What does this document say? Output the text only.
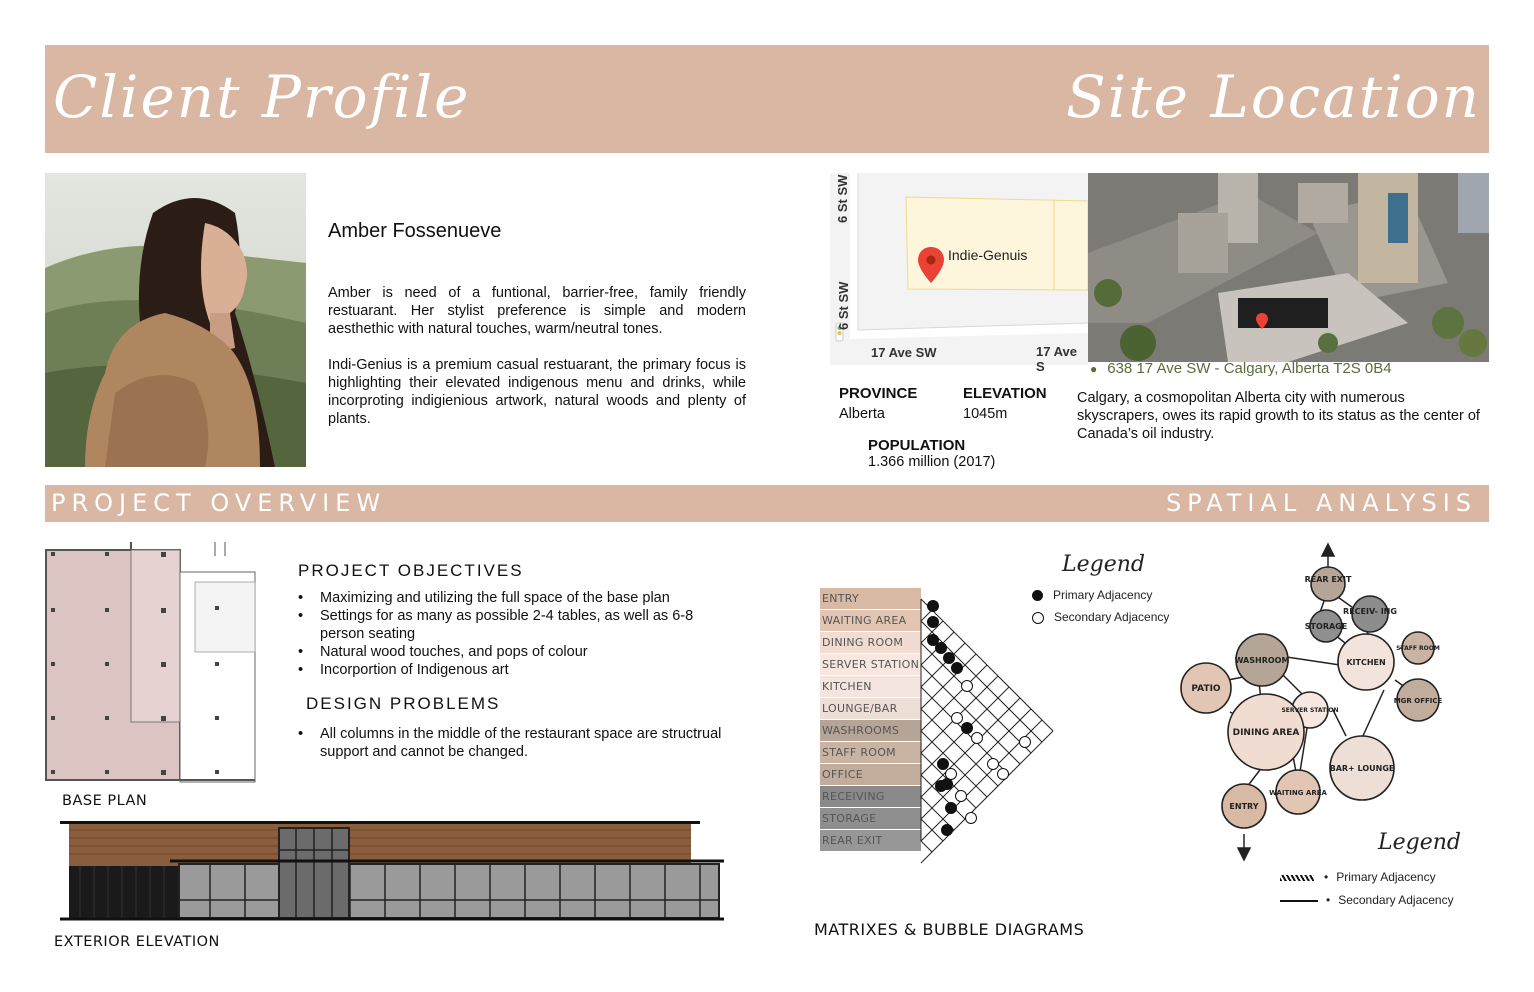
Client Profile	Site Location
Amber Fossenueve
Amber is need of a funtional, barrier-free, family friendly restuarant. Her stylist preference is simple and modern aesthethic with natural touches, warm/neutral tones.
Indi-Genius is a premium casual restuarant, the primary focus is highlighting their elevated indigenous menu and drinks, while incorproting indigienious artwork, natural woods and plenty of plants.
6 St SW
6 St SW
17 Ave SW	17 Ave S
Indie-Genuis
● 638 17 Ave SW - Calgary, Alberta T2S 0B4
PROVINCE
Alberta
ELEVATION
1045m
POPULATION
1.366 million (2017)
Calgary, a cosmopolitan Alberta city with numerous skyscrapers, owes its rapid growth to its status as the center of Canada’s oil industry.
PROJECT OVERVIEW	SPATIAL ANALYSIS
BASE PLAN
PROJECT OBJECTIVES
• Maximizing and utilizing the full space of the base plan
• Settings for as many as possible 2-4 tables, as well as 6-8 person seating
• Natural wood touches, and pops of colour
• Incorportion of Indigenous art
DESIGN PROBLEMS
• All columns in the middle of the restaurant space are structrual support and cannot be changed.
EXTERIOR ELEVATION
ENTRY
WAITING AREA
DINING ROOM
SERVER STATION
KITCHEN
LOUNGE/BAR
WASHROOMS
STAFF ROOM
OFFICE
RECEIVING
STORAGE
REAR EXIT
Legend
Primary Adjacency
Secondary Adjacency
MATRIXES & BUBBLE DIAGRAMS
REAR EXIT
RECEIV- ING
STORAGE
WASHROOM	KITCHEN
STAFF ROOM
PATIO
SERVER STATION
MGR OFFICE
DINING AREA
BAR+ LOUNGE
WAITING AREA
ENTRY
Legend
• Primary Adjacency
• Secondary Adjacency
